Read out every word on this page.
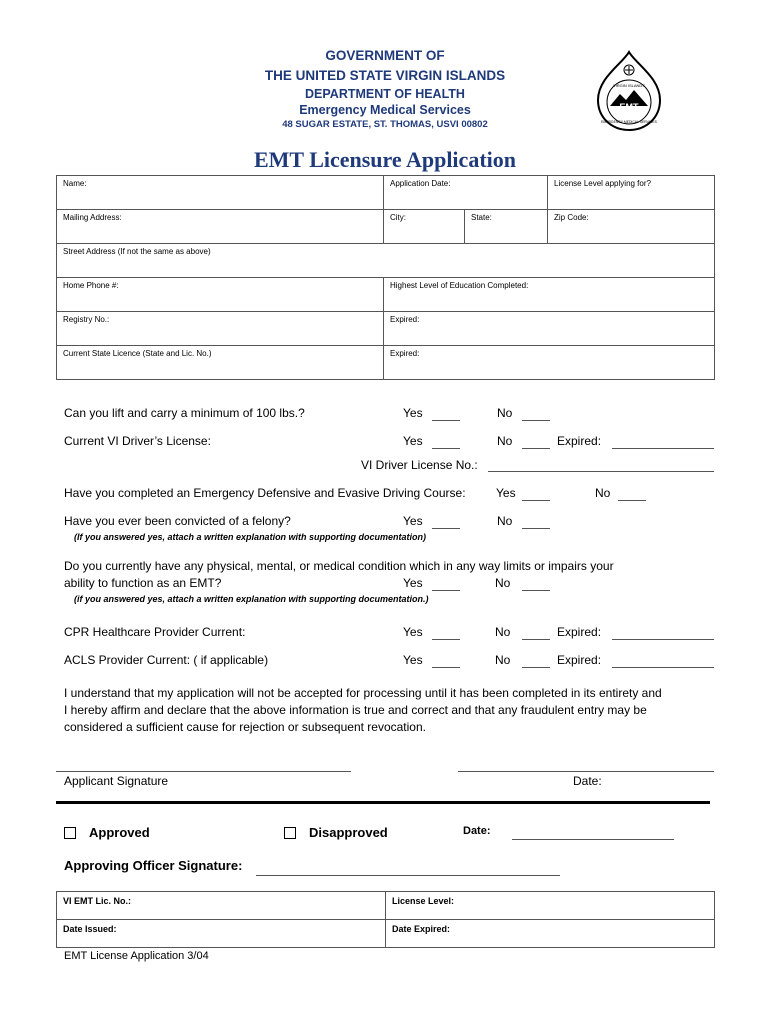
GOVERNMENT OF
THE UNITED STATE VIRGIN ISLANDS
DEPARTMENT OF HEALTH
Emergency Medical Services
48 SUGAR ESTATE, ST. THOMAS, USVI 00802
EMT
VIRGIN ISLANDS
EMERGENCY MEDICAL SERVICES
EMT Licensure Application
Name:	Application Date:		License Level applying for?
Mailing Address:	City:	State:	Zip Code:
Street Address (If not the same as above)			
Home Phone #:	Highest Level of Education Completed:		
Registry No.:	Expired:		
Current State Licence (State and Lic. No.)	Expired:		
Can you lift and carry a minimum of 100 lbs.?	Yes	No
Current VI Driver’s License:	Yes	No	Expired:
VI Driver License No.:
Have you completed an Emergency Defensive and Evasive Driving Course:	Yes	No
Have you ever been convicted of a felony?	Yes	No
(If you answered yes, attach a written explanation with supporting documentation)
Do you currently have any physical, mental, or medical condition which in any way limits or impairs your
ability to function as an EMT?	Yes	No
(if you answered yes, attach a written explanation with supporting documentation.)
CPR Healthcare Provider Current:	Yes	No	Expired:
ACLS Provider Current: ( if applicable)	Yes	No	Expired:
I understand that my application will not be accepted for processing until it has been completed in its entirety and
I hereby affirm and declare that the above information is true and correct and that any fraudulent entry may be
considered a sufficient cause for rejection or subsequent revocation.
Applicant Signature	Date:
Approved	Disapproved	Date:
Approving Officer Signature:
VI EMT Lic. No.:	License Level:
Date Issued:	Date Expired:
EMT License Application 3/04
